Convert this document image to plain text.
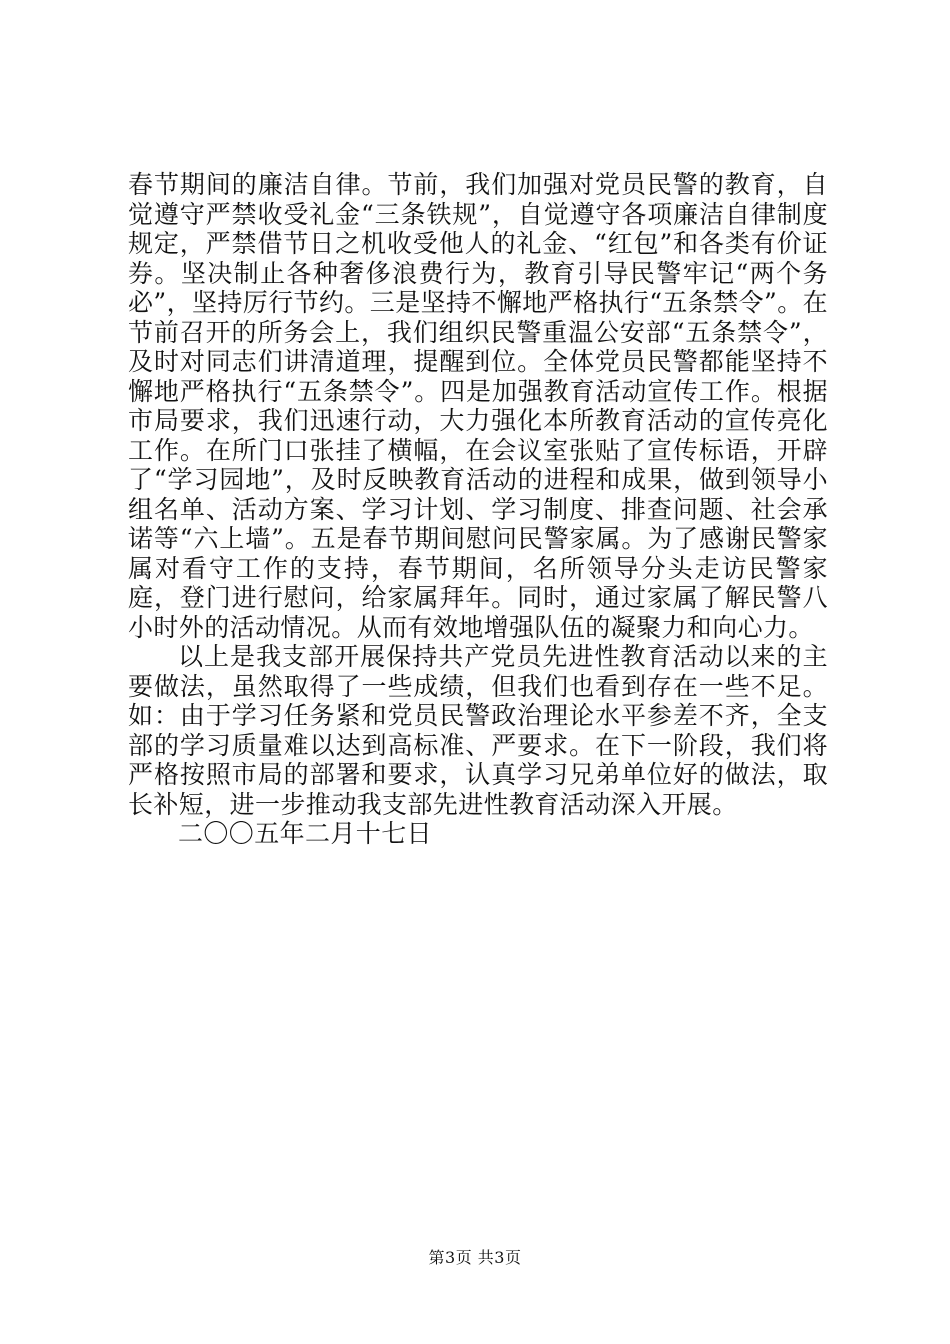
春节期间的廉洁自律。节前，我们加强对党员民警的教育，自觉遵守严禁收受礼金“三条铁规”，自觉遵守各项廉洁自律制度规定，严禁借节日之机收受他人的礼金、“红包”和各类有价证券。坚决制止各种奢侈浪费行为，教育引导民警牢记“两个务必”，坚持厉行节约。三是坚持不懈地严格执行“五条禁令”。在节前召开的所务会上，我们组织民警重温公安部“五条禁令”，及时对同志们讲清道理，提醒到位。全体党员民警都能坚持不懈地严格执行“五条禁令”。四是加强教育活动宣传工作。根据市局要求，我们迅速行动，大力强化本所教育活动的宣传亮化工作。在所门口张挂了横幅，在会议室张贴了宣传标语，开辟了“学习园地”，及时反映教育活动的进程和成果，做到领导小组名单、活动方案、学习计划、学习制度、排查问题、社会承诺等“六上墙”。五是春节期间慰问民警家属。为了感谢民警家属对看守工作的支持，春节期间，名所领导分头走访民警家庭，登门进行慰问，给家属拜年。同时，通过家属了解民警八小时外的活动情况。从而有效地增强队伍的凝聚力和向心力。

以上是我支部开展保持共产党员先进性教育活动以来的主要做法，虽然取得了一些成绩，但我们也看到存在一些不足。如：由于学习任务紧和党员民警政治理论水平参差不齐，全支部的学习质量难以达到高标准、严要求。在下一阶段，我们将严格按照市局的部署和要求，认真学习兄弟单位好的做法，取长补短，进一步推动我支部先进性教育活动深入开展。

二〇〇五年二月十七日

第3页 共3页
